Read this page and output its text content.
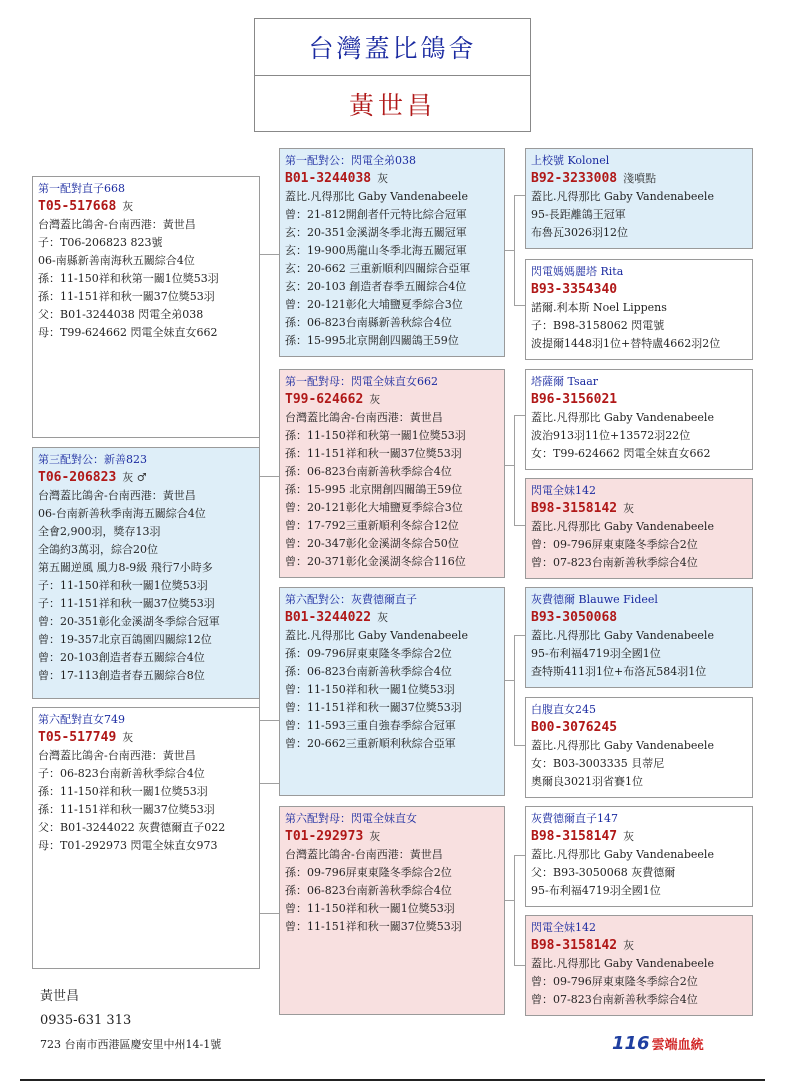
台灣蓋比鴿舍
黃世昌
第一配對直子668
T05-517668 灰
台灣蓋比鴿舍-台南西港：黃世昌
子：T06-206823 823號
06-南縣新善南海秋五關綜合4位
孫：11-150祥和秋第一關1位獎53羽
孫：11-151祥和秋一關37位獎53羽
父：B01-3244038 閃電全弟038
母：T99-624662 閃電全妹直女662
第三配對公：新善823
T06-206823 灰 ♂
台灣蓋比鴿舍-台南西港：黃世昌
06-台南新善秋季南海五關綜合4位
全會2,900羽，獎存13羽
全鴿約3萬羽，綜合20位
第五關逆風 風力8-9級 飛行7小時多
子：11-150祥和秋一關1位獎53羽
子：11-151祥和秋一關37位獎53羽
曾：20-351彰化金溪湖冬季綜合冠軍
曾：19-357北京百鴿園四關綜12位
曾：20-103創造者春五關綜合4位
曾：17-113創造者春五關綜合8位
第六配對直女749
T05-517749 灰
台灣蓋比鴿舍-台南西港：黃世昌
子：06-823台南新善秋季綜合4位
孫：11-150祥和秋一關1位獎53羽
孫：11-151祥和秋一關37位獎53羽
父：B01-3244022 灰費德爾直子022
母：T01-292973 閃電全妹直女973
第一配對公：閃電全弟038
B01-3244038 灰
蓋比.凡得那比 Gaby Vandenabeele
曾：21-812開創者仟元特比綜合冠軍
玄：20-351金溪湖冬季北海五關冠軍
玄：19-900馬龍山冬季北海五關冠軍
玄：20-662 三重新順利四關綜合亞軍
玄：20-103 創造者春季五關綜合4位
曾：20-121彰化大埔鹽夏季綜合3位
孫：06-823台南縣新善秋綜合4位
孫：15-995北京開創四關鴿王59位
第一配對母：閃電全妹直女662
T99-624662 灰
台灣蓋比鴿舍-台南西港：黃世昌
孫：11-150祥和秋第一關1位獎53羽
孫：11-151祥和秋一關37位獎53羽
孫：06-823台南新善秋季綜合4位
孫：15-995 北京開創四關鴿王59位
曾：20-121彰化大埔鹽夏季綜合3位
曾：17-792三重新順利冬綜合12位
曾：20-347彰化金溪湖冬綜合50位
曾：20-371彰化金溪湖冬綜合116位
第六配對公：灰費德爾直子
B01-3244022 灰
蓋比.凡得那比 Gaby Vandenabeele
孫：09-796屏東東隆冬季綜合2位
孫：06-823台南新善秋季綜合4位
曾：11-150祥和秋一關1位獎53羽
曾：11-151祥和秋一關37位獎53羽
曾：11-593三重自強春季綜合冠軍
曾：20-662三重新順利秋綜合亞軍
第六配對母：閃電全妹直女
T01-292973 灰
台灣蓋比鴿舍-台南西港：黃世昌
孫：09-796屏東東隆冬季綜合2位
孫：06-823台南新善秋季綜合4位
曾：11-150祥和秋一關1位獎53羽
曾：11-151祥和秋一關37位獎53羽
上校號 Kolonel
B92-3233008 淺噴點
蓋比.凡得那比 Gaby Vandenabeele
95-長距離鴿王冠軍
布魯瓦3026羽12位
閃電媽媽麗塔 Rita
B93-3354340
諾爾.利本斯 Noel Lippens
子：B98-3158062 閃電號
波提爾1448羽1位+替特盧4662羽2位
塔薩爾 Tsaar
B96-3156021
蓋比.凡得那比 Gaby Vandenabeele
波治913羽11位+13572羽22位
女：T99-624662 閃電全妹直女662
閃電全妹142
B98-3158142 灰
蓋比.凡得那比 Gaby Vandenabeele
曾：09-796屏東東隆冬季綜合2位
曾：07-823台南新善秋季綜合4位
灰費德爾 Blauwe Fideel
B93-3050068
蓋比.凡得那比 Gaby Vandenabeele
95-布利福4719羽全國1位
查特斯411羽1位+布洛瓦584羽1位
白腹直女245
B00-3076245
蓋比.凡得那比 Gaby Vandenabeele
女：B03-3003335 貝蒂尼
奧爾良3021羽省賽1位
灰費德爾直子147
B98-3158147 灰
蓋比.凡得那比 Gaby Vandenabeele
父：B93-3050068 灰費德爾
95-布利福4719羽全國1位
閃電全妹142
B98-3158142 灰
蓋比.凡得那比 Gaby Vandenabeele
曾：09-796屏東東隆冬季綜合2位
曾：07-823台南新善秋季綜合4位
黃世昌
0935-631 313
723 台南市西港區慶安里中州14-1號	116 雲端血統
